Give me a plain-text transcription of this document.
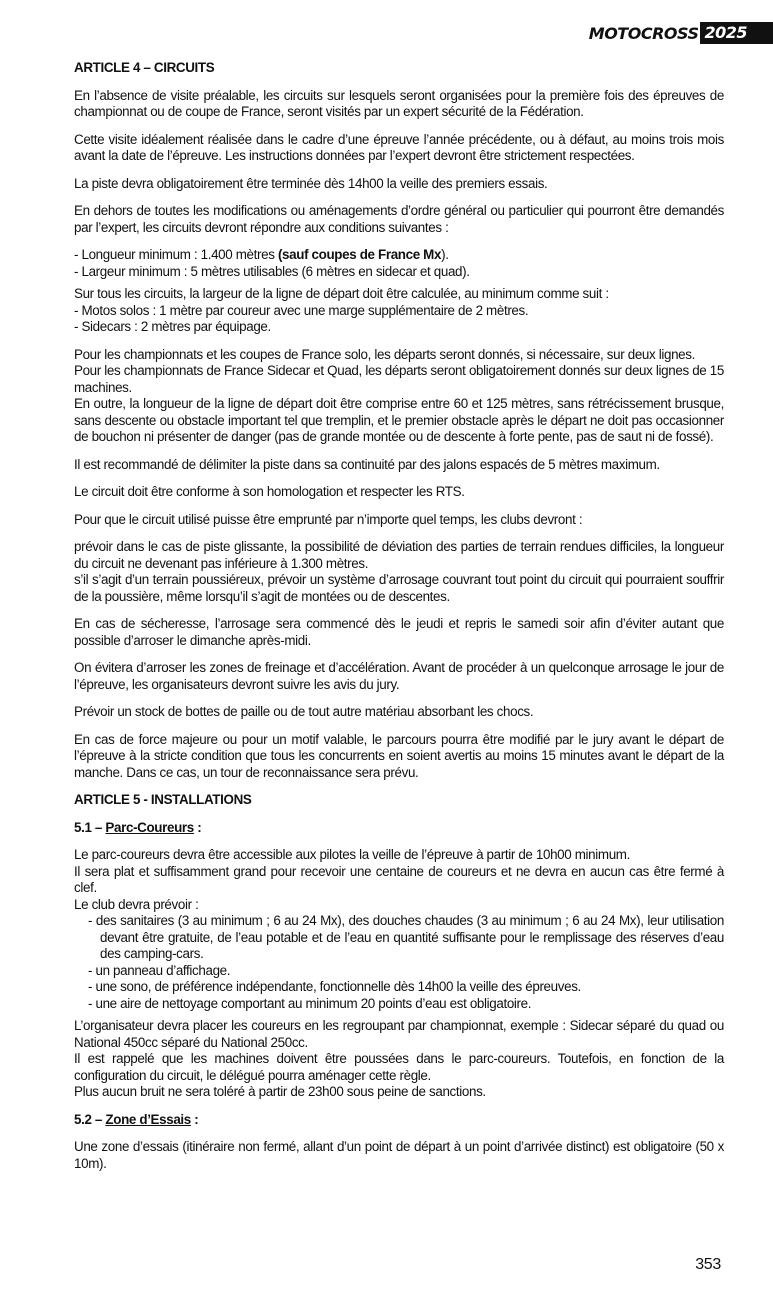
MOTOCROSS 2025

ARTICLE 4 – CIRCUITS

En l’absence de visite préalable, les circuits sur lesquels seront organisées pour la première fois des épreuves de championnat ou de coupe de France, seront visités par un expert sécurité de la Fédération.

Cette visite idéalement réalisée dans le cadre d’une épreuve l’année précédente, ou à défaut, au moins trois mois avant la date de l’épreuve. Les instructions données par l’expert devront être strictement respectées.

La piste devra obligatoirement être terminée dès 14h00 la veille des premiers essais.

En dehors de toutes les modifications ou aménagements d’ordre général ou particulier qui pourront être demandés par l’expert, les circuits devront répondre aux conditions suivantes :

- Longueur minimum : 1.400 mètres (sauf coupes de France Mx).
- Largeur minimum : 5 mètres utilisables (6 mètres en sidecar et quad).

Sur tous les circuits, la largeur de la ligne de départ doit être calculée, au minimum comme suit :

- Motos solos : 1 mètre par coureur avec une marge supplémentaire de 2 mètres.
- Sidecars : 2 mètres par équipage.

Pour les championnats et les coupes de France solo, les départs seront donnés, si nécessaire, sur deux lignes.

Pour les championnats de France Sidecar et Quad, les départs seront obligatoirement donnés sur deux lignes de 15 machines.

En outre, la longueur de la ligne de départ doit être comprise entre 60 et 125 mètres, sans rétrécissement brusque, sans descente ou obstacle important tel que tremplin, et le premier obstacle après le départ ne doit pas occasionner de bouchon ni présenter de danger (pas de grande montée ou de descente à forte pente, pas de saut ni de fossé).

Il est recommandé de délimiter la piste dans sa continuité par des jalons espacés de 5 mètres maximum.

Le circuit doit être conforme à son homologation et respecter les RTS.

Pour que le circuit utilisé puisse être emprunté par n’importe quel temps, les clubs devront :

prévoir dans le cas de piste glissante, la possibilité de déviation des parties de terrain rendues difficiles, la longueur du circuit ne devenant pas inférieure à 1.300 mètres.

s’il s’agit d’un terrain poussiéreux, prévoir un système d’arrosage couvrant tout point du circuit qui pourraient souffrir de la poussière, même lorsqu’il s’agit de montées ou de descentes.

En cas de sécheresse, l’arrosage sera commencé dès le jeudi et repris le samedi soir afin d’éviter autant que possible d’arroser le dimanche après-midi.

On évitera d’arroser les zones de freinage et d’accélération. Avant de procéder à un quelconque arrosage le jour de l’épreuve, les organisateurs devront suivre les avis du jury.

Prévoir un stock de bottes de paille ou de tout autre matériau absorbant les chocs.

En cas de force majeure ou pour un motif valable, le parcours pourra être modifié par le jury avant le départ de l’épreuve à la stricte condition que tous les concurrents en soient avertis au moins 15 minutes avant le départ de la manche. Dans ce cas, un tour de reconnaissance sera prévu.

ARTICLE 5 - INSTALLATIONS

5.1 – Parc-Coureurs :

Le parc-coureurs devra être accessible aux pilotes la veille de l’épreuve à partir de 10h00 minimum.

Il sera plat et suffisamment grand pour recevoir une centaine de coureurs et ne devra en aucun cas être fermé à clef.

Le club devra prévoir :

- des sanitaires (3 au minimum ; 6 au 24 Mx), des douches chaudes (3 au minimum ; 6 au 24 Mx), leur utilisation devant être gratuite, de l’eau potable et de l’eau en quantité suffisante pour le remplissage des réserves d’eau des camping-cars.
- un panneau d’affichage.
- une sono, de préférence indépendante, fonctionnelle dès 14h00 la veille des épreuves.
- une aire de nettoyage comportant au minimum 20 points d’eau est obligatoire.

L’organisateur devra placer les coureurs en les regroupant par championnat, exemple : Sidecar séparé du quad ou National 450cc séparé du National 250cc.

Il est rappelé que les machines doivent être poussées dans le parc-coureurs. Toutefois, en fonction de la configuration du circuit, le délégué pourra aménager cette règle.

Plus aucun bruit ne sera toléré à partir de 23h00 sous peine de sanctions.

5.2 – Zone d’Essais :

Une zone d’essais (itinéraire non fermé, allant d’un point de départ à un point d’arrivée distinct) est obligatoire (50 x 10m).

353
